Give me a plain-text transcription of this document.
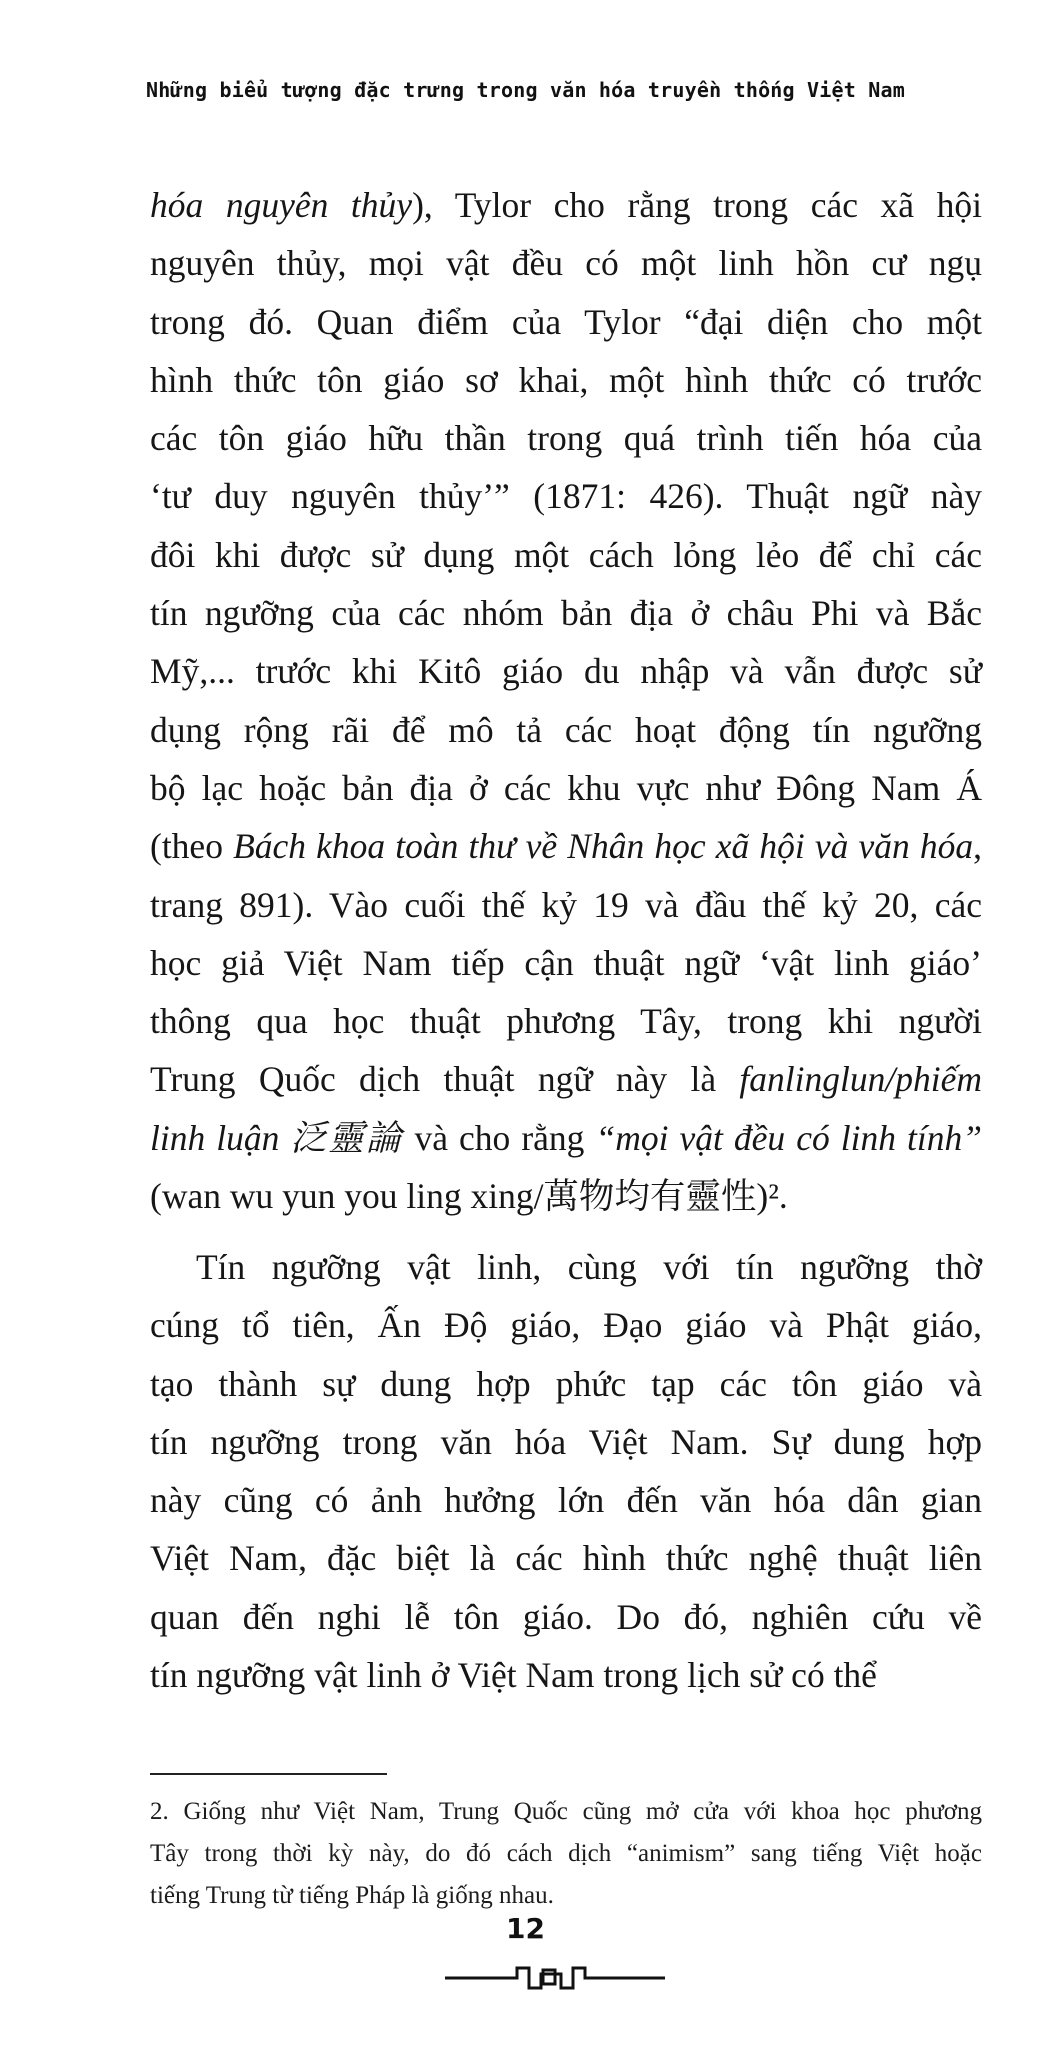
Những biểu tượng đặc trưng trong văn hóa truyền thống Việt Nam
hóa nguyên thủy), Tylor cho rằng trong các xã hội
nguyên thủy, mọi vật đều có một linh hồn cư ngụ
trong đó. Quan điểm của Tylor “đại diện cho một
hình thức tôn giáo sơ khai, một hình thức có trước
các tôn giáo hữu thần trong quá trình tiến hóa của
‘tư duy nguyên thủy’” (1871: 426). Thuật ngữ này
đôi khi được sử dụng một cách lỏng lẻo để chỉ các
tín ngưỡng của các nhóm bản địa ở châu Phi và Bắc
Mỹ,... trước khi Kitô giáo du nhập và vẫn được sử
dụng rộng rãi để mô tả các hoạt động tín ngưỡng
bộ lạc hoặc bản địa ở các khu vực như Đông Nam Á
(theo Bách khoa toàn thư về Nhân học xã hội và văn hóa,
trang 891). Vào cuối thế kỷ 19 và đầu thế kỷ 20, các
học giả Việt Nam tiếp cận thuật ngữ ‘vật linh giáo’
thông qua học thuật phương Tây, trong khi người
Trung Quốc dịch thuật ngữ này là fanlinglun/phiếm
linh luận 泛靈論 và cho rằng “mọi vật đều có linh tính”
(wan wu yun you ling xing/萬物均有靈性)².
Tín ngưỡng vật linh, cùng với tín ngưỡng thờ
cúng tổ tiên, Ấn Độ giáo, Đạo giáo và Phật giáo,
tạo thành sự dung hợp phức tạp các tôn giáo và
tín ngưỡng trong văn hóa Việt Nam. Sự dung hợp
này cũng có ảnh hưởng lớn đến văn hóa dân gian
Việt Nam, đặc biệt là các hình thức nghệ thuật liên
quan đến nghi lễ tôn giáo. Do đó, nghiên cứu về
tín ngưỡng vật linh ở Việt Nam trong lịch sử có thể
2. Giống như Việt Nam, Trung Quốc cũng mở cửa với khoa học phương
Tây trong thời kỳ này, do đó cách dịch “animism” sang tiếng Việt hoặc
tiếng Trung từ tiếng Pháp là giống nhau.
12
